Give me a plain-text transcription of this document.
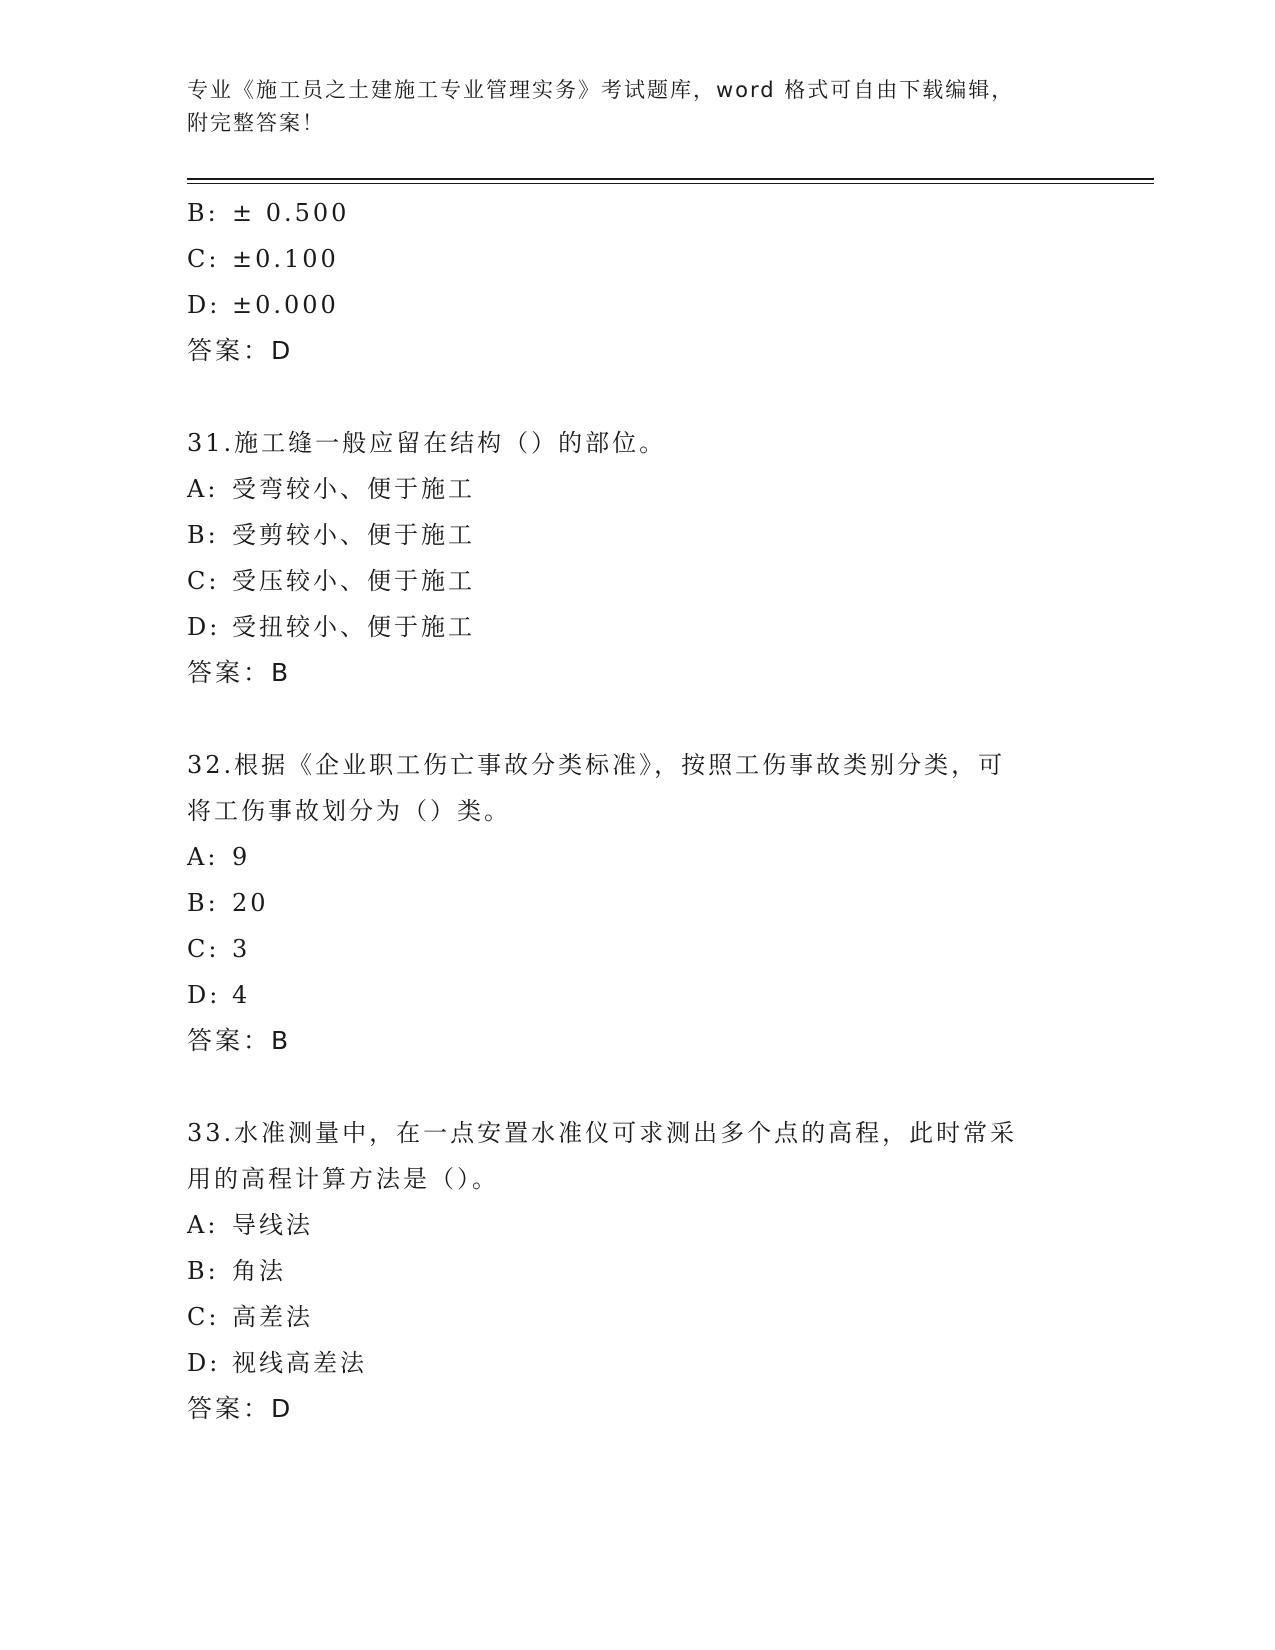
专业《施工员之土建施工专业管理实务》考试题库，word 格式可自由下载编辑，
附完整答案！
B: ± 0.500
C: ±0.100
D: ±0.000
答案：D
31.施工缝一般应留在结构（）的部位。
A: 受弯较小、便于施工
B: 受剪较小、便于施工
C: 受压较小、便于施工
D: 受扭较小、便于施工
答案：B
32.根据《企业职工伤亡事故分类标准》，按照工伤事故类别分类，可
将工伤事故划分为（）类。
A: 9
B: 20
C: 3
D: 4
答案：B
33.水准测量中，在一点安置水准仪可求测出多个点的高程，此时常采
用的高程计算方法是（）。
A: 导线法
B: 角法
C: 高差法
D: 视线高差法
答案：D
